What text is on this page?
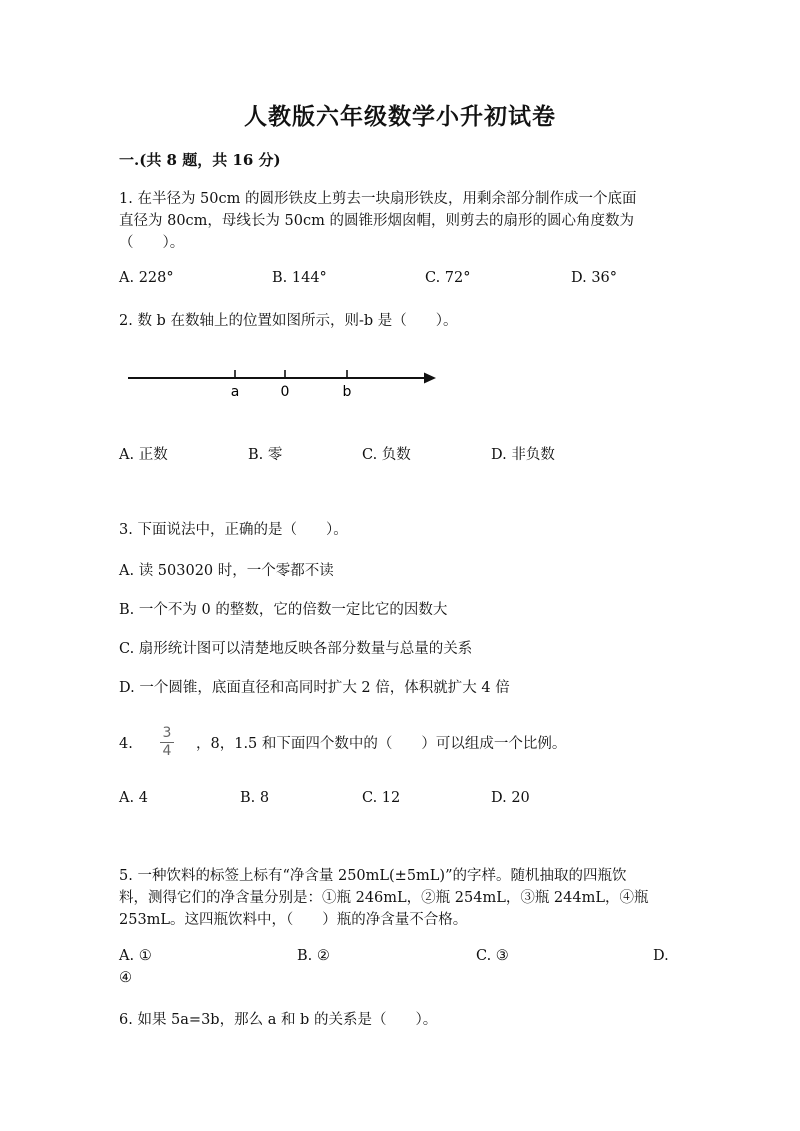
人教版六年级数学小升初试卷
一.(共 8 题，共 16 分)
1. 在半径为 50cm 的圆形铁皮上剪去一块扇形铁皮，用剩余部分制作成一个底面
直径为 80cm，母线长为 50cm 的圆锥形烟囱帽，则剪去的扇形的圆心角度数为
（　　）。
A. 228°	B. 144°	C. 72°	D. 36°
2. 数 b 在数轴上的位置如图所示，则-b 是（　　）。
a	0	b
A. 正数	B. 零	C. 负数	D. 非负数
3. 下面说法中，正确的是（　　）。
A. 读 503020 时，一个零都不读
B. 一个不为 0 的整数，它的倍数一定比它的因数大
C. 扇形统计图可以清楚地反映各部分数量与总量的关系
D. 一个圆锥，底面直径和高同时扩大 2 倍，体积就扩大 4 倍
4.
3
4	，8，1.5 和下面四个数中的（　　）可以组成一个比例。
A. 4	B. 8	C. 12	D. 20
5. 一种饮料的标签上标有“净含量 250mL(±5mL)”的字样。随机抽取的四瓶饮
料，测得它们的净含量分别是：①瓶 246mL，②瓶 254mL，③瓶 244mL，④瓶
253mL。这四瓶饮料中，（　　）瓶的净含量不合格。
A. ①	B. ②	C. ③	D.
④
6. 如果 5a=3b，那么 a 和 b 的关系是（　　）。
